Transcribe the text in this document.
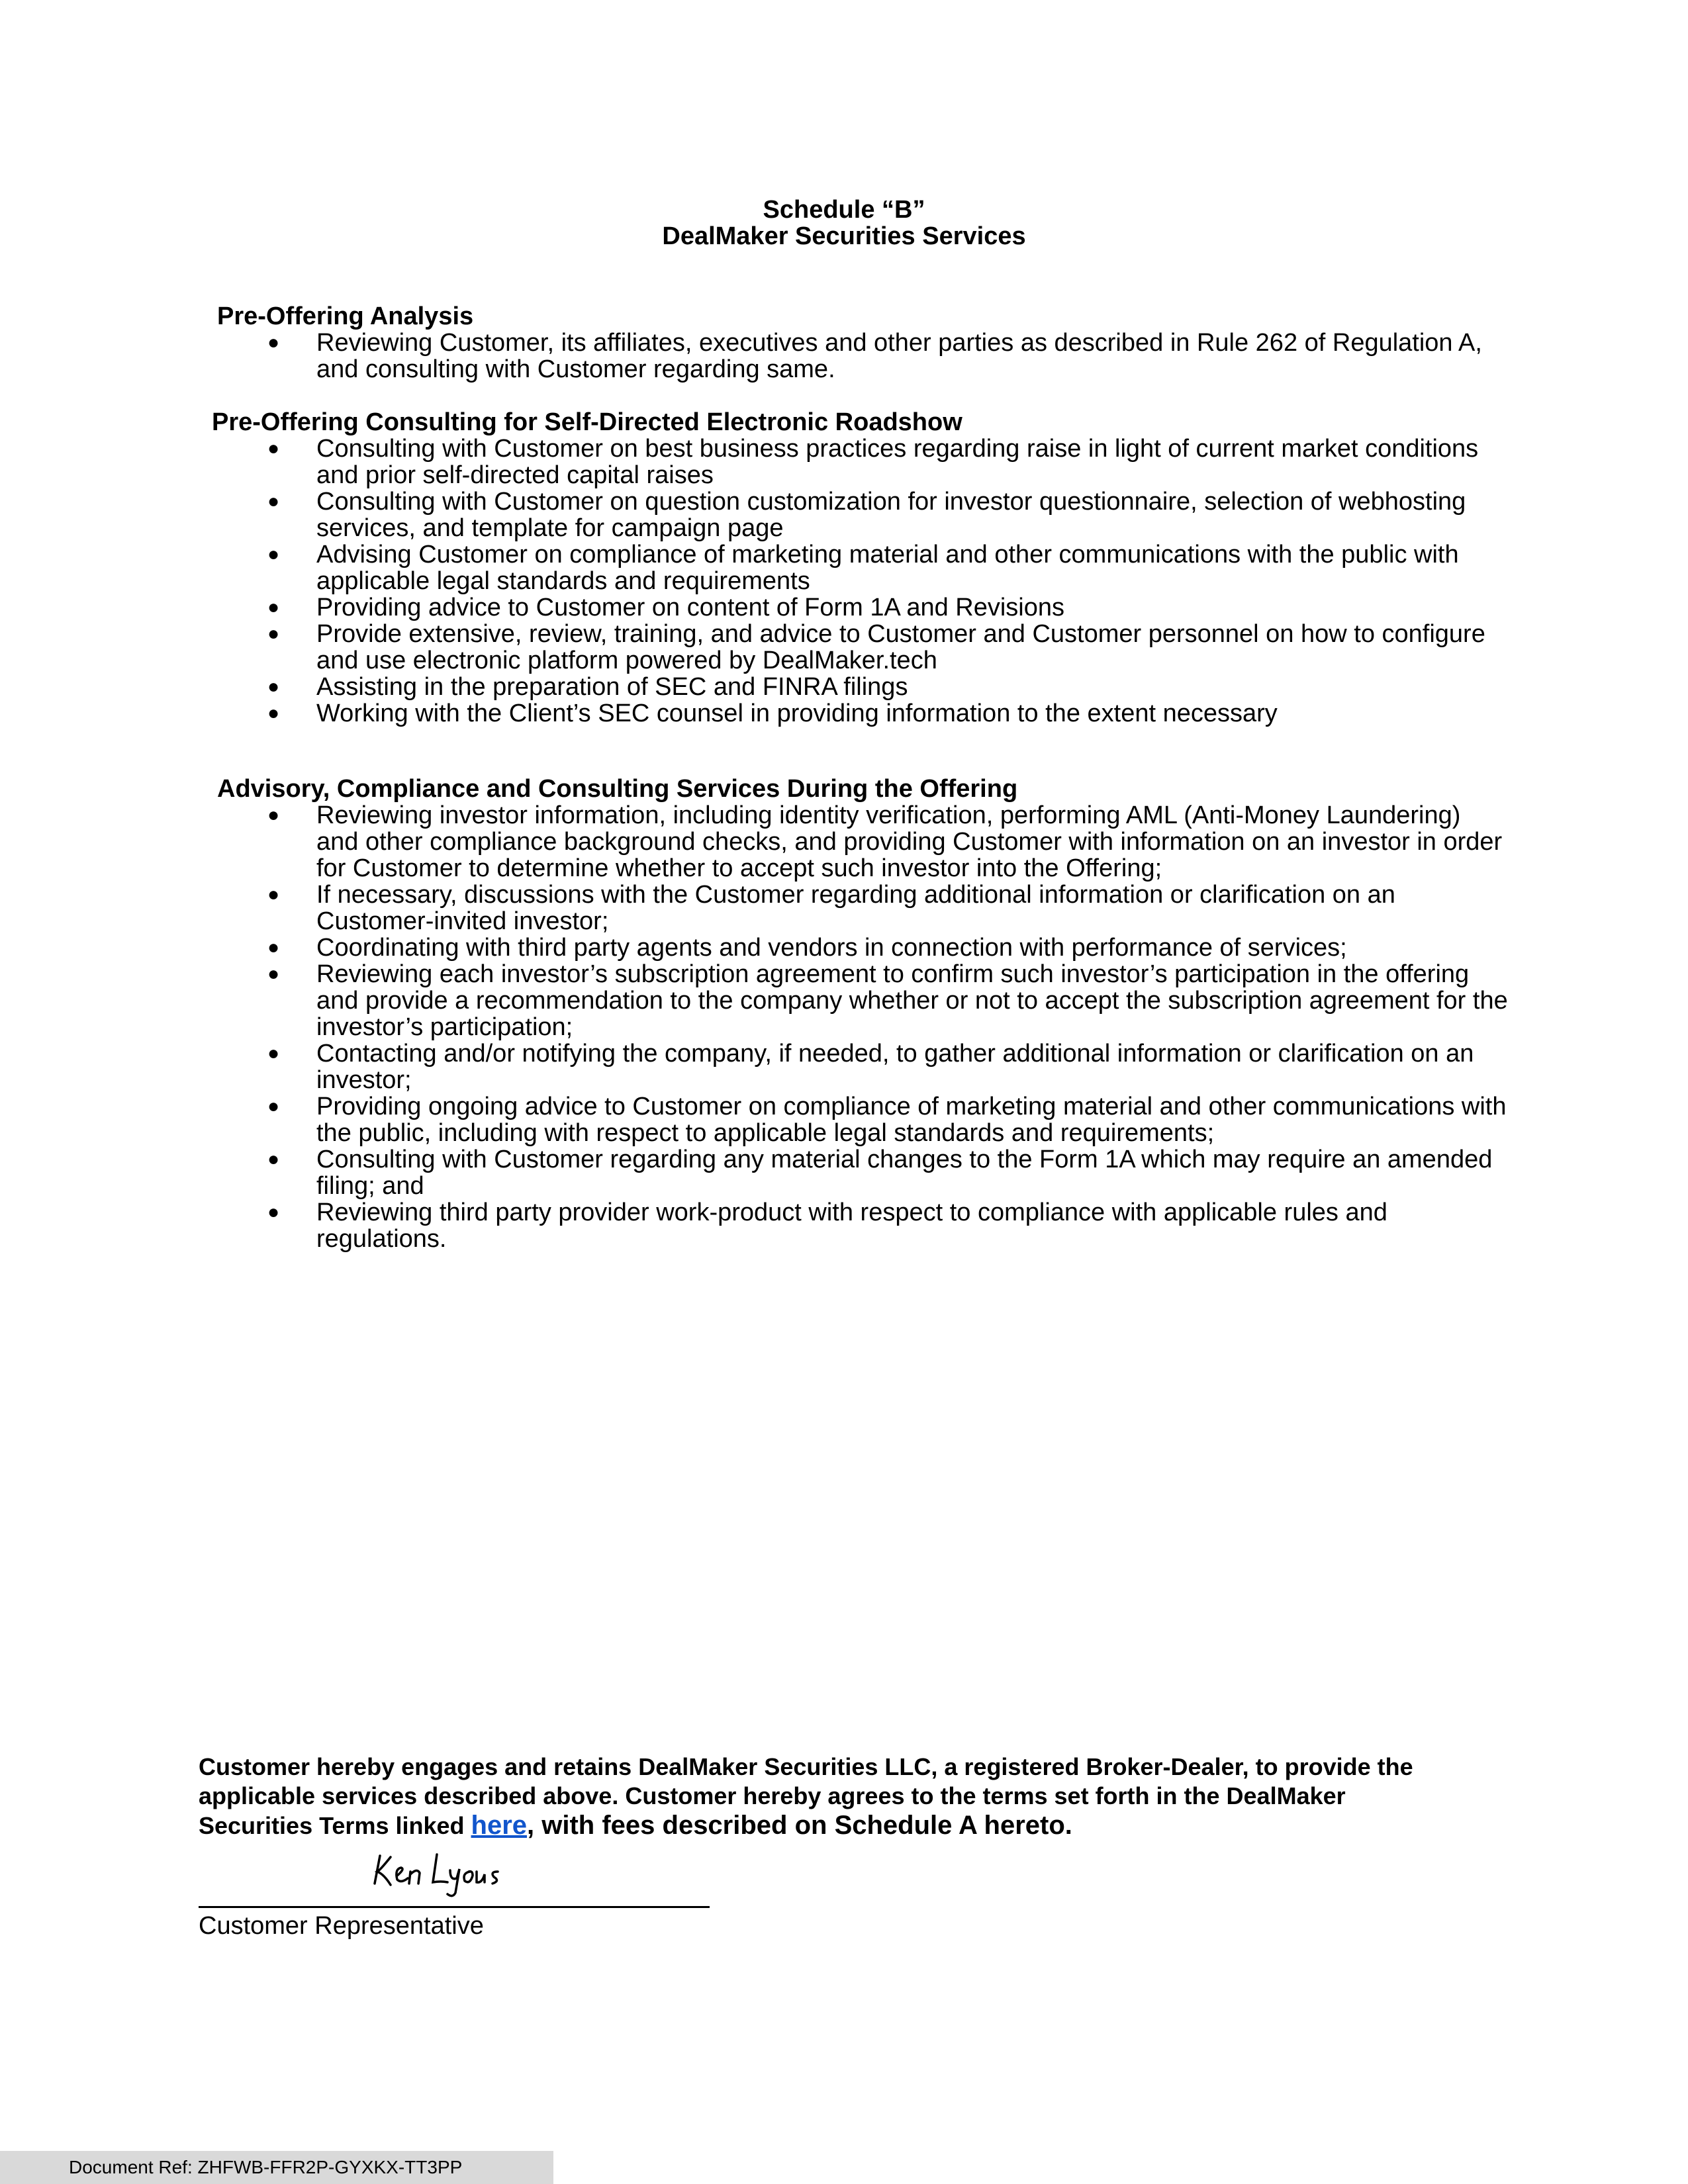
Schedule “B”
DealMaker Securities Services
Pre-Offering Analysis
● Reviewing Customer, its affiliates, executives and other parties as described in Rule 262 of Regulation A, and consulting with Customer regarding same.
Pre-Offering Consulting for Self-Directed Electronic Roadshow
● Consulting with Customer on best business practices regarding raise in light of current market conditions and prior self-directed capital raises
● Consulting with Customer on question customization for investor questionnaire, selection of webhosting services, and template for campaign page
● Advising Customer on compliance of marketing material and other communications with the public with applicable legal standards and requirements
● Providing advice to Customer on content of Form 1A and Revisions
● Provide extensive, review, training, and advice to Customer and Customer personnel on how to configure and use electronic platform powered by DealMaker.tech
● Assisting in the preparation of SEC and FINRA filings
● Working with the Client’s SEC counsel in providing information to the extent necessary
Advisory, Compliance and Consulting Services During the Offering
● Reviewing investor information, including identity verification, performing AML (Anti-Money Laundering) and other compliance background checks, and providing Customer with information on an investor in order for Customer to determine whether to accept such investor into the Offering;
● If necessary, discussions with the Customer regarding additional information or clarification on an Customer-invited investor;
● Coordinating with third party agents and vendors in connection with performance of services;
● Reviewing each investor’s subscription agreement to confirm such investor’s participation in the offering and provide a recommendation to the company whether or not to accept the subscription agreement for the investor’s participation;
● Contacting and/or notifying the company, if needed, to gather additional information or clarification on an investor;
● Providing ongoing advice to Customer on compliance of marketing material and other communications with the public, including with respect to applicable legal standards and requirements;
● Consulting with Customer regarding any material changes to the Form 1A which may require an amended filing; and
● Reviewing third party provider work-product with respect to compliance with applicable rules and regulations.

Customer hereby engages and retains DealMaker Securities LLC, a registered Broker-Dealer, to provide the applicable services described above. Customer hereby agrees to the terms set forth in the DealMaker Securities Terms linked here, with fees described on Schedule A hereto.

Customer Representative
Document Ref: ZHFWB-FFR2P-GYXKX-TT3PP
